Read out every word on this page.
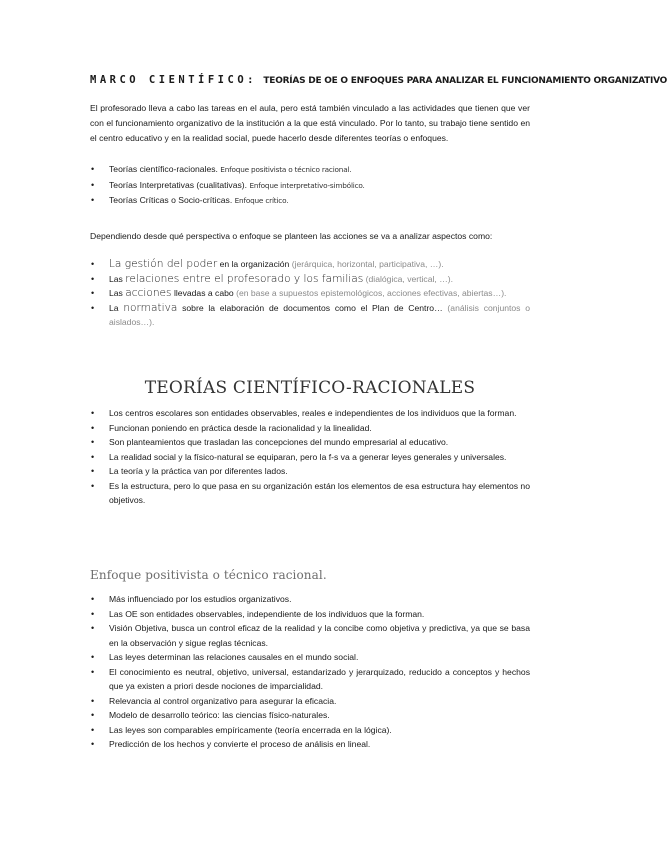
MARCO CIENTÍFICO: TEORÍAS DE OE O ENFOQUES PARA ANALIZAR EL FUNCIONAMIENTO ORGANIZATIVO

El profesorado lleva a cabo las tareas en el aula, pero está también vinculado a las actividades que tienen que ver con el funcionamiento organizativo de la institución a la que está vinculado. Por lo tanto, su trabajo tiene sentido en el centro educativo y en la realidad social, puede hacerlo desde diferentes teorías o enfoques.

• Teorías científico-racionales. Enfoque positivista o técnico racional.
• Teorías Interpretativas (cualitativas). Enfoque interpretativo-simbólico.
• Teorías Críticas o Socio-críticas. Enfoque crítico.

Dependiendo desde qué perspectiva o enfoque se planteen las acciones se va a analizar aspectos como:

• La gestión del poder en la organización (jerárquica, horizontal, participativa, …).
• Las relaciones entre el profesorado y los familias (dialógica, vertical, …).
• Las acciones llevadas a cabo (en base a supuestos epistemológicos, acciones efectivas, abiertas…).
• La normativa sobre la elaboración de documentos como el Plan de Centro… (análisis conjuntos o aislados…).
TEORÍAS CIENTÍFICO-RACIONALES
• Los centros escolares son entidades observables, reales e independientes de los individuos que la forman.
• Funcionan poniendo en práctica desde la racionalidad y la linealidad.
• Son planteamientos que trasladan las concepciones del mundo empresarial al educativo.
• La realidad social y la físico-natural se equiparan, pero la f-s va a generar leyes generales y universales.
• La teoría y la práctica van por diferentes lados.
• Es la estructura, pero lo que pasa en su organización están los elementos de esa estructura hay elementos no objetivos.
Enfoque positivista o técnico racional.
• Más influenciado por los estudios organizativos.
• Las OE son entidades observables, independiente de los individuos que la forman.
• Visión Objetiva, busca un control eficaz de la realidad y la concibe como objetiva y predictiva, ya que se basa en la observación y sigue reglas técnicas.
• Las leyes determinan las relaciones causales en el mundo social.
• El conocimiento es neutral, objetivo, universal, estandarizado y jerarquizado, reducido a conceptos y hechos que ya existen a priori desde nociones de imparcialidad.
• Relevancia al control organizativo para asegurar la eficacia.
• Modelo de desarrollo teórico: las ciencias físico-naturales.
• Las leyes son comparables empíricamente (teoría encerrada en la lógica).
• Predicción de los hechos y convierte el proceso de análisis en lineal.
